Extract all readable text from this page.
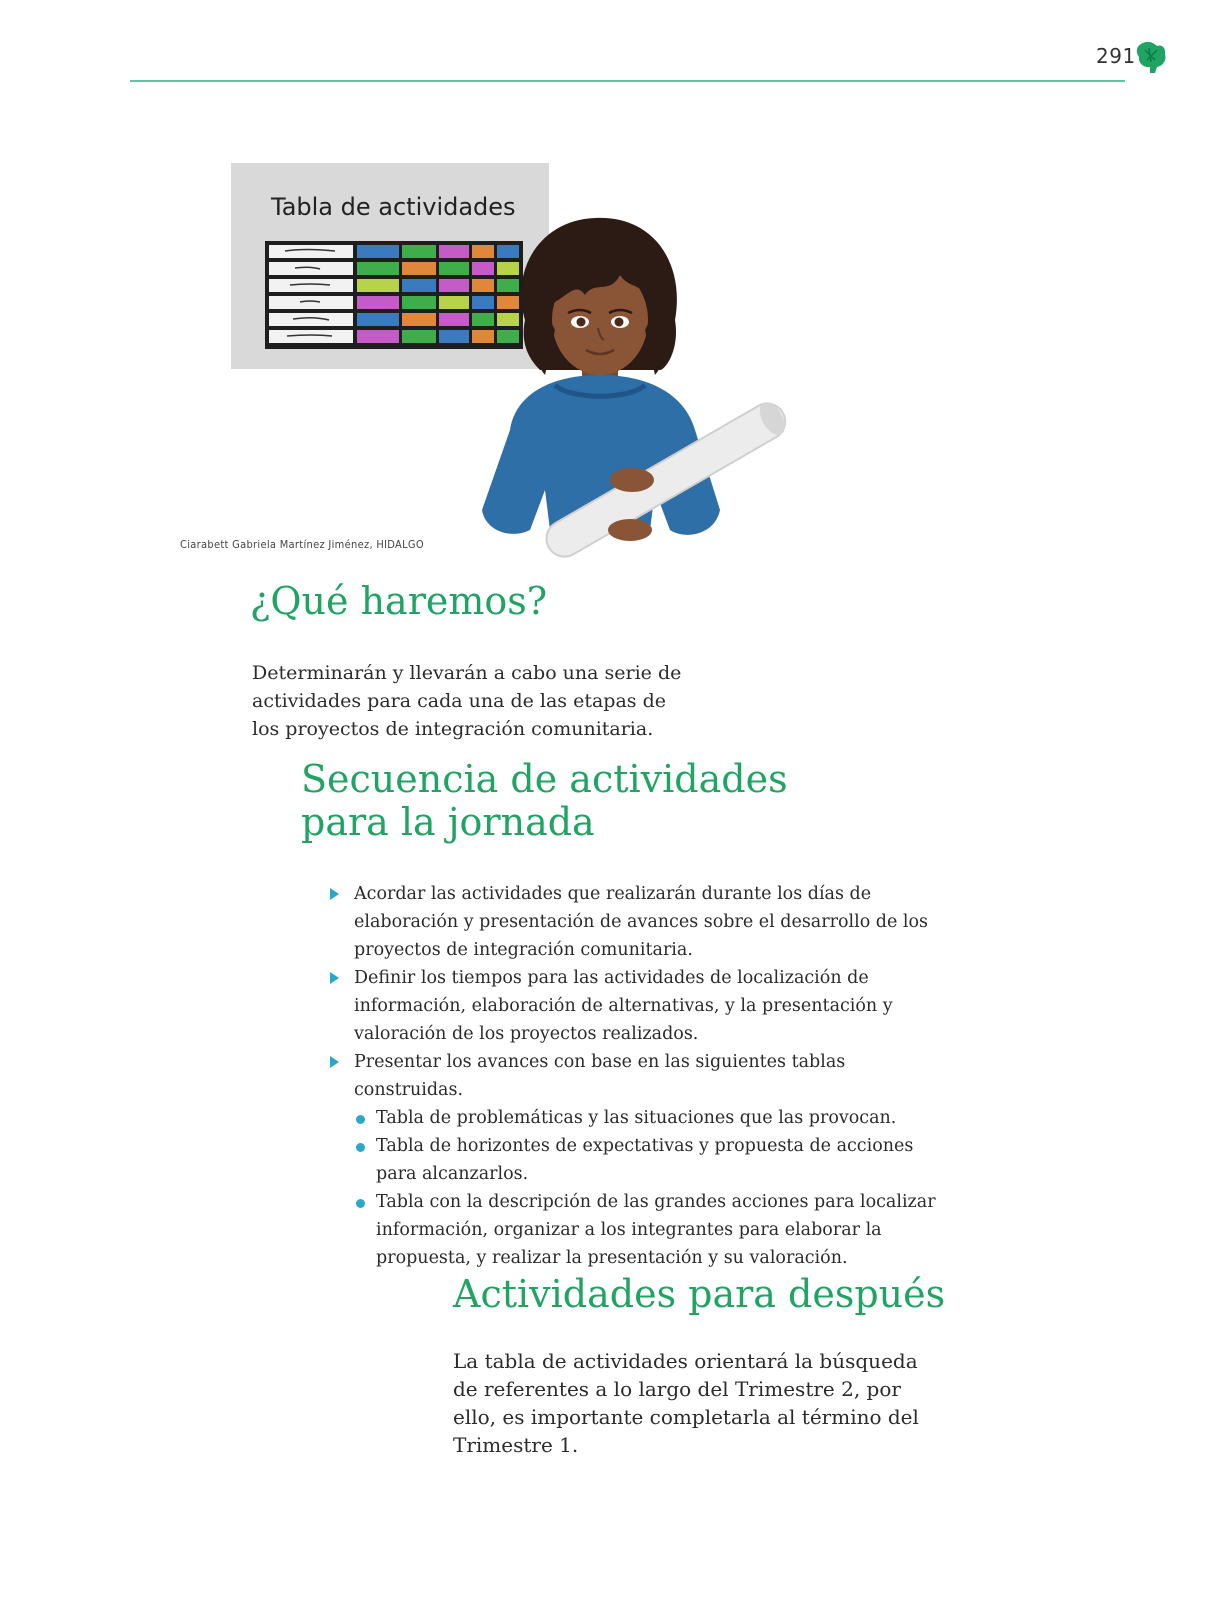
291
Tabla de actividades
Ciarabett Gabriela Martínez Jiménez, HIDALGO
¿Qué haremos?

Determinarán y llevarán a cabo una serie de actividades para cada una de las etapas de los proyectos de integración comunitaria.

Secuencia de actividades
para la jornada
Acordar las actividades que realizarán durante los días de elaboración y presentación de avances sobre el desarrollo de los proyectos de integración comunitaria.
Definir los tiempos para las actividades de localización de información, elaboración de alternativas, y la presentación y valoración de los proyectos realizados.
Presentar los avances con base en las siguientes tablas construidas.
Tabla de problemáticas y las situaciones que las provocan.
Tabla de horizontes de expectativas y propuesta de acciones para alcanzarlos.
Tabla con la descripción de las grandes acciones para localizar información, organizar a los integrantes para elaborar la propuesta, y realizar la presentación y su valoración.
Actividades para después

La tabla de actividades orientará la búsqueda de referentes a lo largo del Trimestre 2, por ello, es importante completarla al término del Trimestre 1.
